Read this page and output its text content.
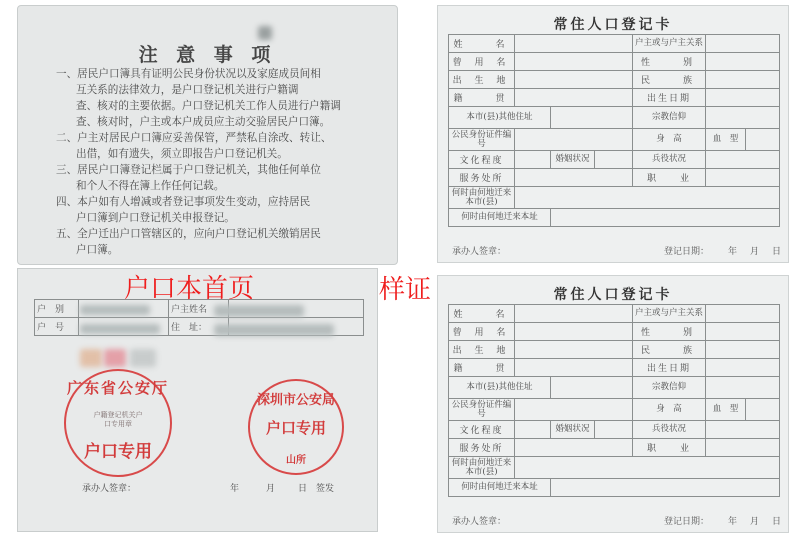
注 意 事 项

一、居民户口簿具有证明公民身份状况以及家庭成员间相

互关系的法律效力，是户口登记机关进行户籍调

查、核对的主要依据。户口登记机关工作人员进行户籍调

查、核对时，户主或本户成员应主动交验居民户口簿。

二、户主对居民户口簿应妥善保管，严禁私自涂改、转让、

出借，如有遗失，须立即报告户口登记机关。

三、居民户口簿登记栏属于户口登记机关，其他任何单位

和个人不得在簿上作任何记载。

四、本户如有人增减或者登记事项发生变动，应持居民

户口簿到户口登记机关申报登记。

五、全户迁出户口管辖区的，应向户口登记机关缴销居民

户口簿。

户　别		户主姓名	
户　号		住　址：	
广东省公安厅
户籍登记机关户口专用章
户口专用
深圳市公安局
户口专用
山所
承办人签章：	年	月	日 签发
户口本首页	样证
常住人口登记卡
姓　　名				户主或与户主关系		
曾 用 名				性　　别		
出 生 地				民　　族		
籍　　贯				出生日期		
本市(县)其他住址				宗教信仰		
公民身份证件编号				身　高	血　型	
文化程度		婚姻状况		兵役状况		
服务处所				职　　业		
何时由何地迁来本市(县)						
何时由何地迁来本址						
承办人签章：	登记日期： 年 月 日
常住人口登记卡
姓　　名				户主或与户主关系		
曾 用 名				性　　别		
出 生 地				民　　族		
籍　　贯				出生日期		
本市(县)其他住址				宗教信仰		
公民身份证件编号				身　高	血　型	
文化程度		婚姻状况		兵役状况		
服务处所				职　　业		
何时由何地迁来本市(县)						
何时由何地迁来本址						
承办人签章：	登记日期： 年 月 日
